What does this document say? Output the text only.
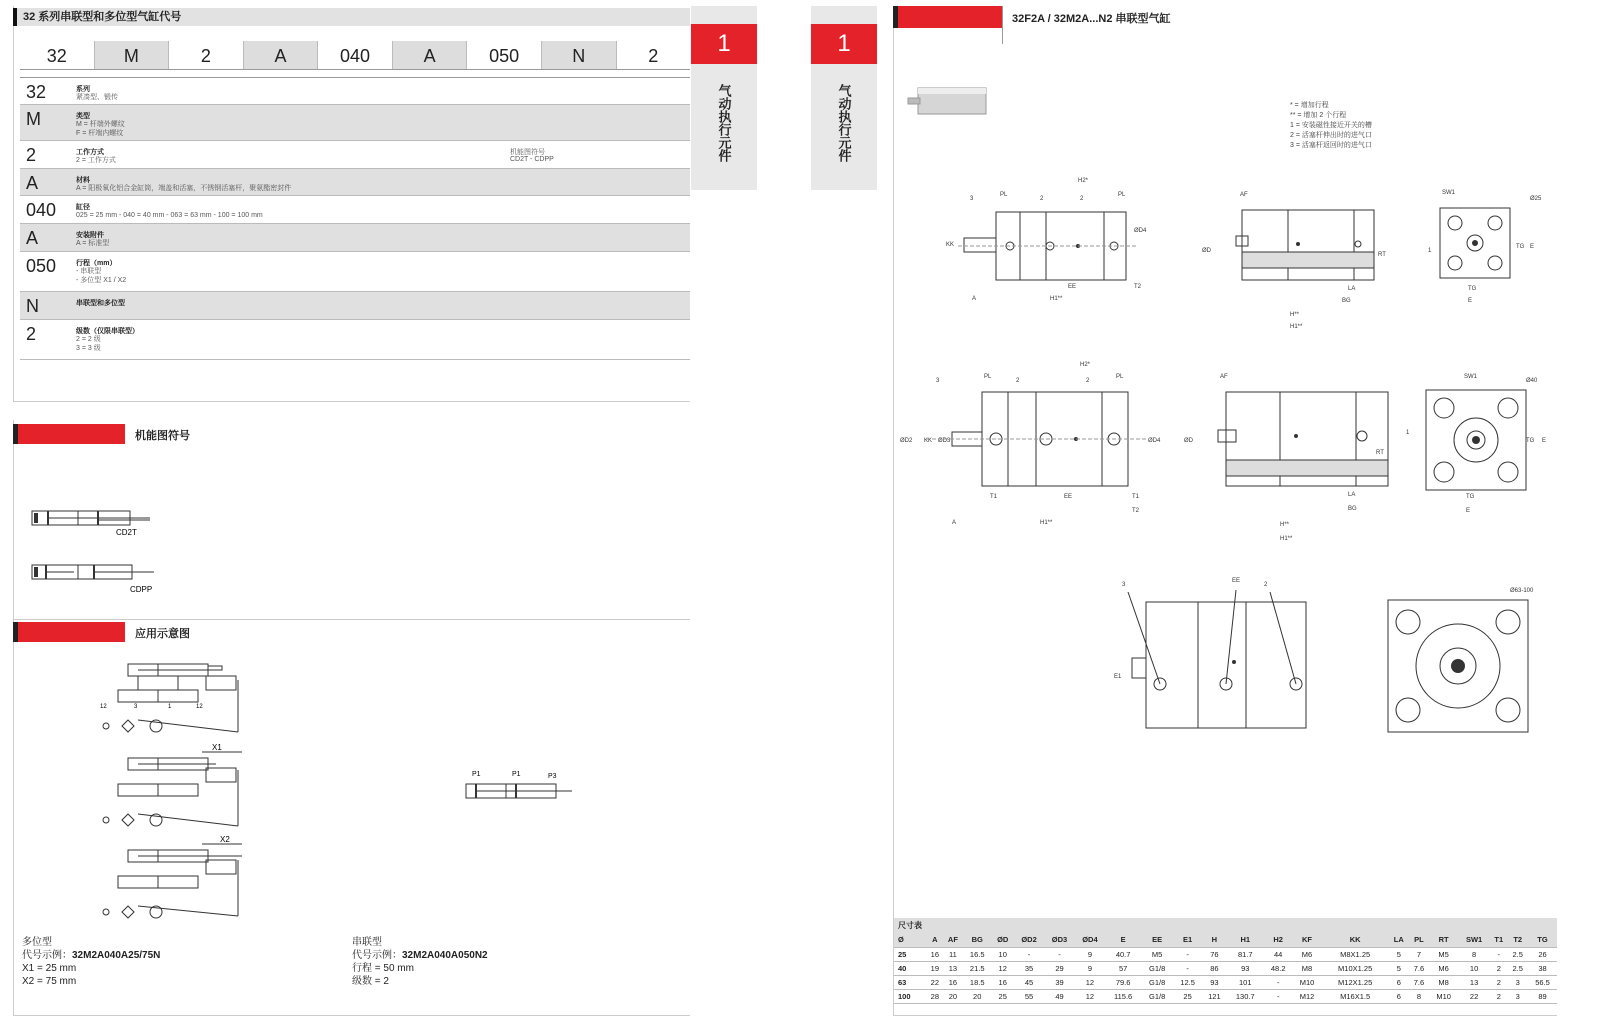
32 系列串联型和多位型气缸代号
32	M	2	A	040	A	050	N	2
32	系列
紧凑型、锻传
M	类型
M = 杆端外螺纹
F = 杆端内螺纹
2	工作方式
2 = 工作方式
机能图符号
CD2T - CDPP
A	材料
A = 阳极氧化铝合金缸筒，端盖和活塞，不锈钢活塞杆，聚氨酯密封件
040	缸径
025 = 25 mm - 040 = 40 mm - 063 = 63 mm - 100 = 100 mm
A	安装附件
A = 标准型
050	行程（mm）
- 串联型
- 多位型 X1 / X2
N	串联型和多位型
2	级数（仅限串联型）
2 = 2 级
3 = 3 级
机能图符号
CD2T
CDPP
应用示意图
12	3	1	12
X1
X2
P1	P1	P3
多位型
代号示例：32M2A040A25/75N
X1 = 25 mm
X2 = 75 mm
串联型
代号示例：32M2A040A050N2
行程 = 50 mm
级数 = 2
1
气动执行元件
1
气动执行元件
32F2A / 32M2A...N2 串联型气缸
* = 增加行程
** = 增加 2 个行程
1 = 安装磁性接近开关的槽
2 = 活塞杆伸出时的进气口
3 = 活塞杆返回时的进气口
PL
H2*
PL
3	2	2
KK
ØD4
A	H1**
EE	T2
AF
ØD
RT
H**
H1**
LA
BG
SW1
Ø25
1
TG E
TG
E
PL
H2*
PL
3	2	2
ØD2 KK ØD3	ØD4
T1	EE	T1
T2
A	H1**
AF
ØD
RT
LA
BG
H**
H1**
SW1
Ø40
1
TG E
TG
E
3
EE
2
E1
Ø63-100
尺寸表
Ø	A	AF	BG	ØD	ØD2	ØD3	ØD4	E	EE	E1	H	H1	H2	KF	KK	LA	PL	RT	SW1	T1	T2	TG
25	16	11	16.5	10	-	-	9	40.7	M5	-	76	81.7	44	M6	M8X1.25	5	7	M5	8	-	2.5	26
40	19	13	21.5	12	35	29	9	57	G1/8	-	86	93	48.2	M8	M10X1.25	5	7.6	M6	10	2	2.5	38
63	22	16	18.5	16	45	39	12	79.6	G1/8	12.5	93	101	-	M10	M12X1.25	6	7.6	M8	13	2	3	56.5
100	28	20	20	25	55	49	12	115.6	G1/8	25	121	130.7	-	M12	M16X1.5	6	8	M10	22	2	3	89
